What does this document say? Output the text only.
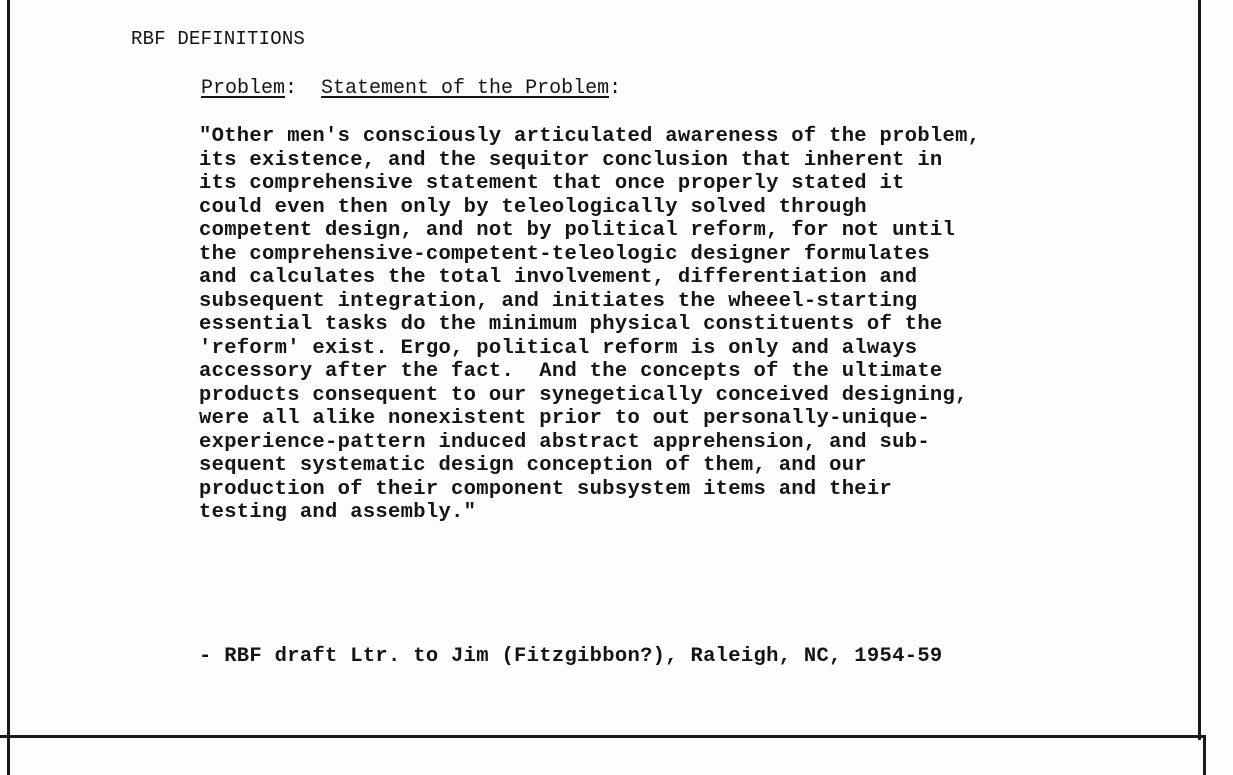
RBF DEFINITIONS
Problem:  Statement of the Problem:
"Other men's consciously articulated awareness of the problem,
its existence, and the sequitor conclusion that inherent in
its comprehensive statement that once properly stated it
could even then only by teleologically solved through
competent design, and not by political reform, for not until
the comprehensive-competent-teleologic designer formulates
and calculates the total involvement, differentiation and
subsequent integration, and initiates the wheeel-starting
essential tasks do the minimum physical constituents of the
'reform' exist. Ergo, political reform is only and always
accessory after the fact.  And the concepts of the ultimate
products consequent to our synegetically conceived designing,
were all alike nonexistent prior to out personally-unique-
experience-pattern induced abstract apprehension, and sub-
sequent systematic design conception of them, and our
production of their component subsystem items and their
testing and assembly."
- RBF draft Ltr. to Jim (Fitzgibbon?), Raleigh, NC, 1954-59
